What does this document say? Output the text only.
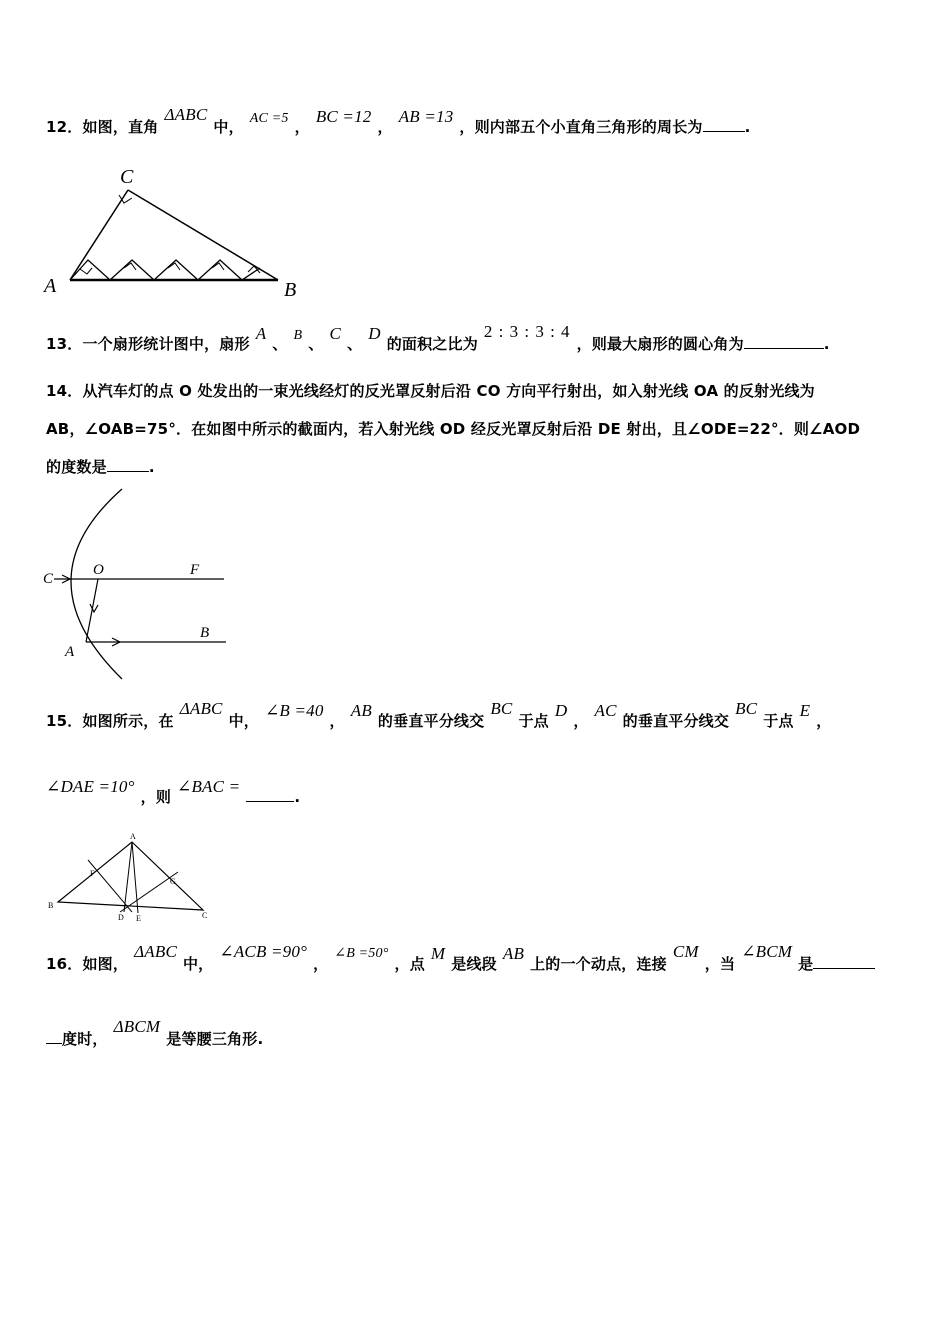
12．如图，直角ΔABC中， AC =5 ，BC =12，AB =13，则内部五个小直角三角形的周长为	.
C
A	B
13．一个扇形统计图中，扇形A、 B 、C、D的面积之比为2 : 3 : 3 : 4，则最大扇形的圆心角为	.
14．从汽车灯的点 O 处发出的一束光线经灯的反光罩反射后沿 CO 方向平行射出，如入射光线 OA 的反射光线为
AB，∠OAB=75°．在如图中所示的截面内，若入射光线 OD 经反光罩反射后沿 DE 射出，且∠ODE=22°．则∠AOD
的度数是	.
C
O	F
B
A
15．如图所示，在ΔABC中，∠B =40，AB的垂直平分线交BC于点D，AC的垂直平分线交BC于点E，
∠DAE =10°，则∠BAC =.
A
B
C
D E
F
G
16．如图，ΔABC中，∠ACB =90°，∠B =50°，点M是线段AB上的一个动点，连接CM，当∠BCM是
度时，ΔBCM是等腰三角形.
